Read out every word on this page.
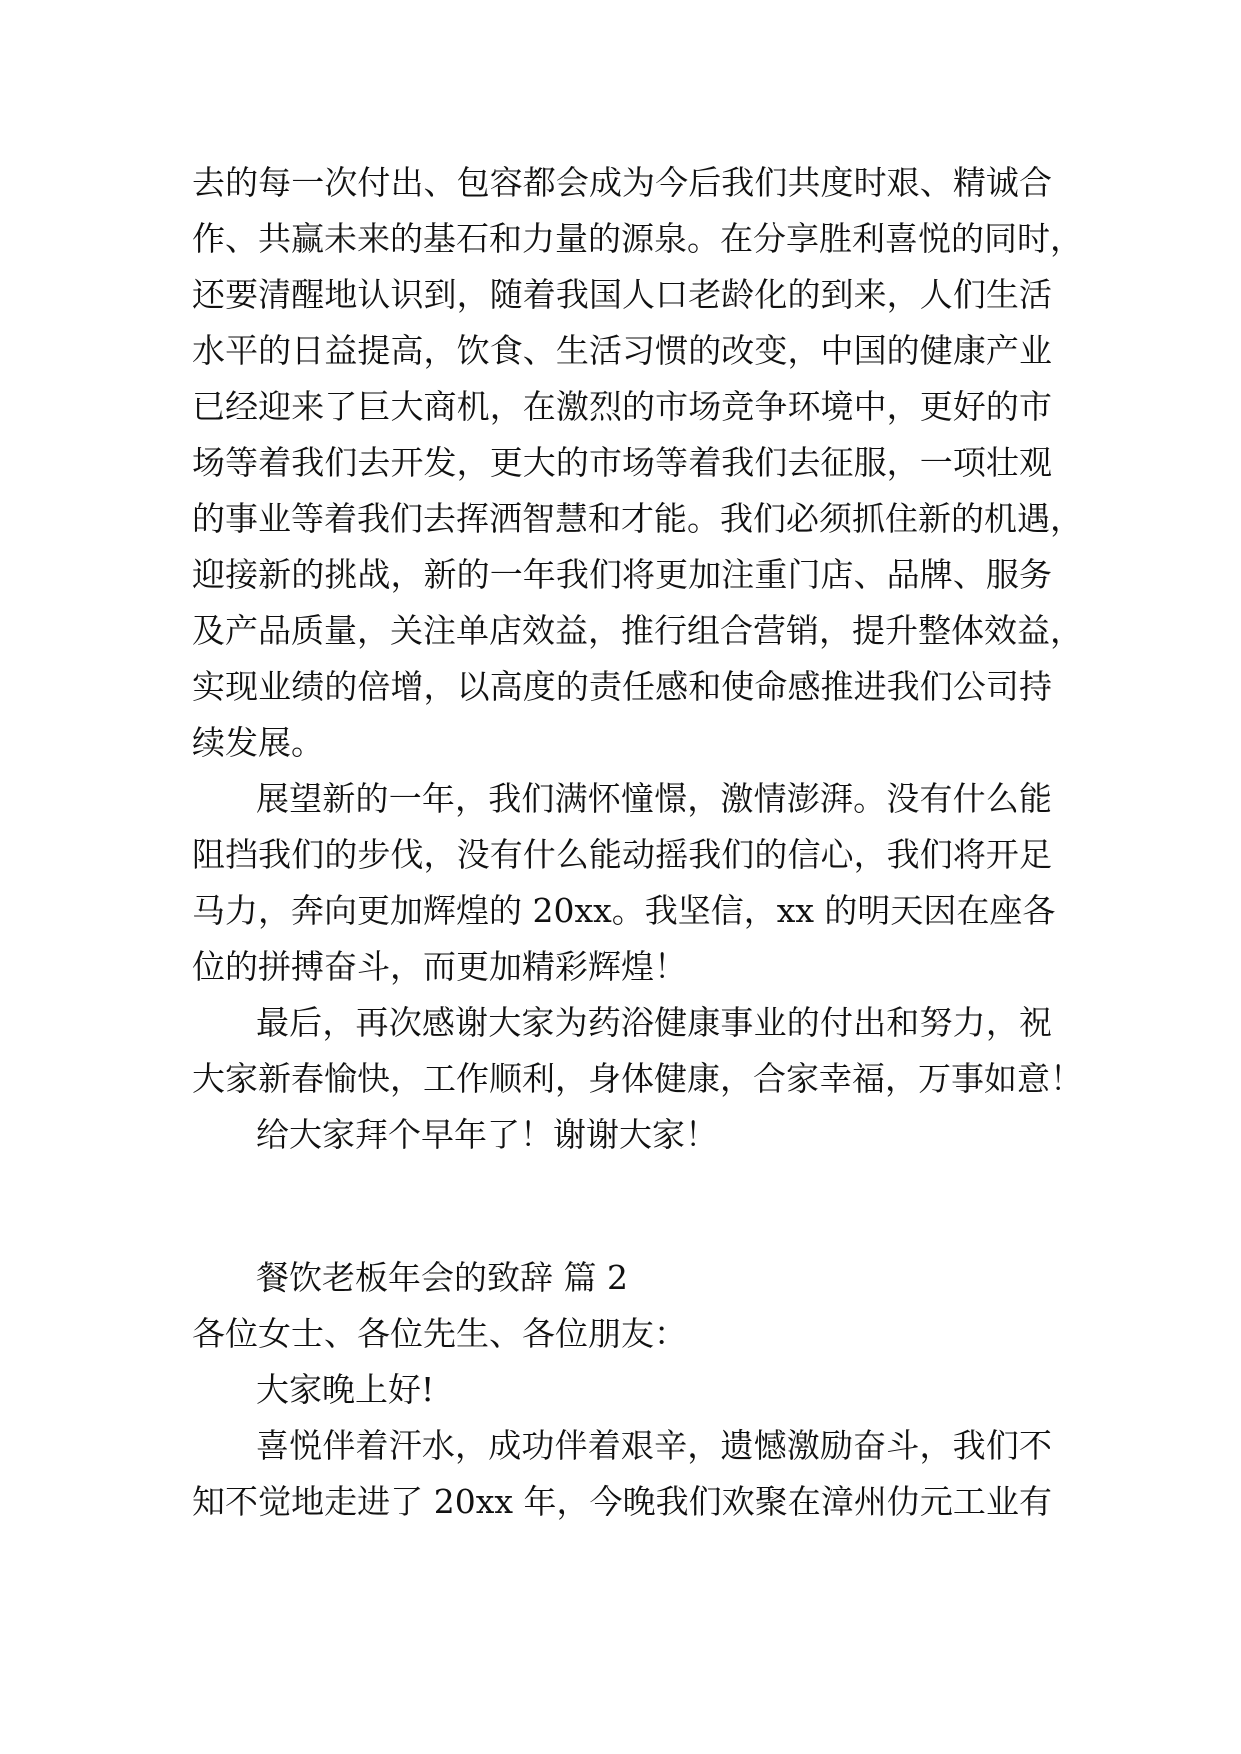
去的每一次付出、包容都会成为今后我们共度时艰、精诚合
作、共赢未来的基石和力量的源泉。在分享胜利喜悦的同时，
还要清醒地认识到，随着我国人口老龄化的到来，人们生活
水平的日益提高，饮食、生活习惯的改变，中国的健康产业
已经迎来了巨大商机，在激烈的市场竞争环境中，更好的市
场等着我们去开发，更大的市场等着我们去征服，一项壮观
的事业等着我们去挥洒智慧和才能。我们必须抓住新的机遇，
迎接新的挑战，新的一年我们将更加注重门店、品牌、服务
及产品质量，关注单店效益，推行组合营销，提升整体效益，
实现业绩的倍增，以高度的责任感和使命感推进我们公司持
续发展。
展望新的一年，我们满怀憧憬，激情澎湃。没有什么能
阻挡我们的步伐，没有什么能动摇我们的信心，我们将开足
马力，奔向更加辉煌的 20xx。我坚信，xx 的明天因在座各
位的拼搏奋斗，而更加精彩辉煌！
最后，再次感谢大家为药浴健康事业的付出和努力，祝
大家新春愉快，工作顺利，身体健康，合家幸福，万事如意！
给大家拜个早年了！谢谢大家！
餐饮老板年会的致辞 篇 2
各位女士、各位先生、各位朋友：
大家晚上好!
喜悦伴着汗水，成功伴着艰辛，遗憾激励奋斗，我们不
知不觉地走进了 20xx 年，今晚我们欢聚在漳州仂元工业有
